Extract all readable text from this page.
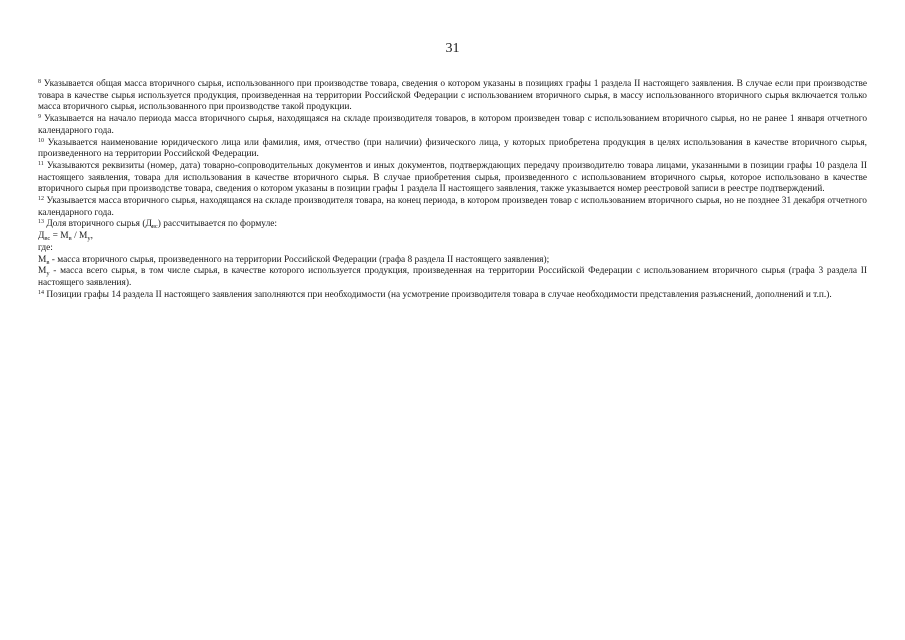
31

$^8$ Указывается общая масса вторичного сырья, использованного при производстве товара, сведения о котором указаны в позициях графы 1 раздела II настоящего заявления. В случае если при производстве товара в качестве сырья используется продукция, произведенная на территории Российской Федерации с использованием вторичного сырья, в массу использованного вторичного сырья включается только масса вторичного сырья, использованного при производстве такой продукции.

$^9$ Указывается на начало периода масса вторичного сырья, находящаяся на складе производителя товаров, в котором произведен товар с использованием вторичного сырья, но не ранее 1 января отчетного календарного года.

$^{10}$ Указывается наименование юридического лица или фамилия, имя, отчество (при наличии) физического лица, у которых приобретена продукция в целях использования в качестве вторичного сырья, произведенного на территории Российской Федерации.

$^{11}$ Указываются реквизиты (номер, дата) товарно-сопроводительных документов и иных документов, подтверждающих передачу производителю товара лицами, указанными в позиции графы 10 раздела II настоящего заявления, товара для использования в качестве вторичного сырья. В случае приобретения сырья, произведенного с использованием вторичного сырья, которое использовано в качестве вторичного сырья при производстве товара, сведения о котором указаны в позиции графы 1 раздела II настоящего заявления, также указывается номер реестровой записи в реестре подтверждений.

$^{12}$ Указывается масса вторичного сырья, находящаяся на складе производителя товара, на конец периода, в котором произведен товар с использованием вторичного сырья, но не позднее 31 декабря отчетного календарного года.

$^{13}$ Доля вторичного сырья $(Д_{вс})$ рассчитывается по формуле:

$Д_{вс} = М_в / М_у$,

где:

$М_в$ - масса вторичного сырья, произведенного на территории Российской Федерации (графа 8 раздела II настоящего заявления);

$М_у$ - масса всего сырья, в том числе сырья, в качестве которого используется продукция, произведенная на территории Российской Федерации с использованием вторичного сырья (графа 3 раздела II настоящего заявления).

$^{14}$ Позиции графы 14 раздела II настоящего заявления заполняются при необходимости (на усмотрение производителя товара в случае необходимости представления разъяснений, дополнений и т.п.).
